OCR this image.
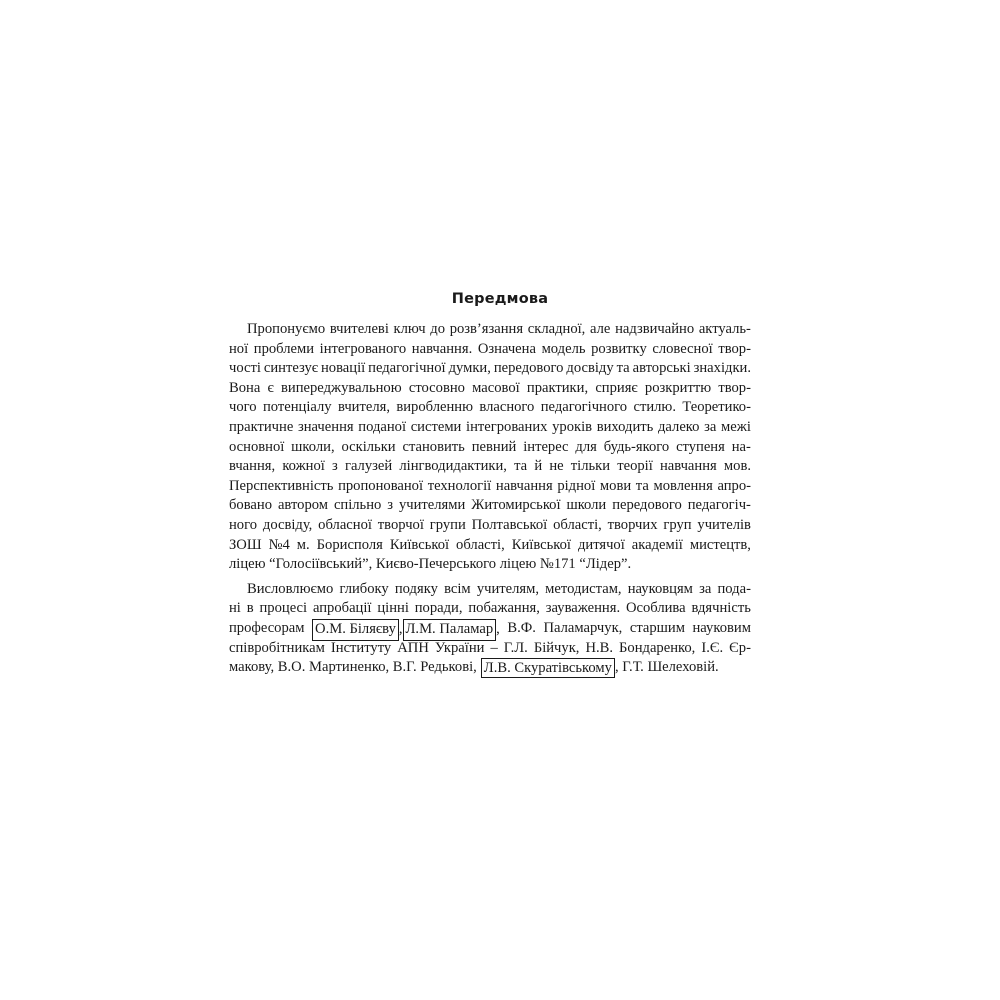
Передмова
Пропонуємо вчителеві ключ до розв’язання складної, але надзвичайно актуаль-
ної проблеми інтегрованого навчання. Означена модель розвитку словесної твор-
чості синтезує новації педагогічної думки, передового досвіду та авторські знахідки.
Вона є випереджувальною стосовно масової практики, сприяє розкриттю твор-
чого потенціалу вчителя, виробленню власного педагогічного стилю. Теоретико-
практичне значення поданої системи інтегрованих уроків виходить далеко за межі
основної школи, оскільки становить певний інтерес для будь-якого ступеня на-
вчання, кожної з галузей лінгводидактики, та й не тільки теорії навчання мов.
Перспективність пропонованої технології навчання рідної мови та мовлення апро-
бовано автором спільно з учителями Житомирської школи передового педагогіч-
ного досвіду, обласної творчої групи Полтавської області, творчих груп учителів
ЗОШ №4 м. Борисполя Київської області, Київської дитячої академії мистецтв,
ліцею “Голосіївський”, Києво-Печерського ліцею №171 “Лідер”.
Висловлюємо глибоку подяку всім учителям, методистам, науковцям за пода-
ні в процесі апробації цінні поради, побажання, зауваження. Особлива вдячність
професорам О.М. Біляєву , Л.М. Паламар , В.Ф. Паламарчук, старшим науковим
співробітникам Інституту АПН України – Г.Л. Бійчук, Н.В. Бондаренко, І.Є. Єр-
макову, В.О. Мартиненко, В.Г. Редькові, Л.В. Скуратівському , Г.Т. Шелеховій.
